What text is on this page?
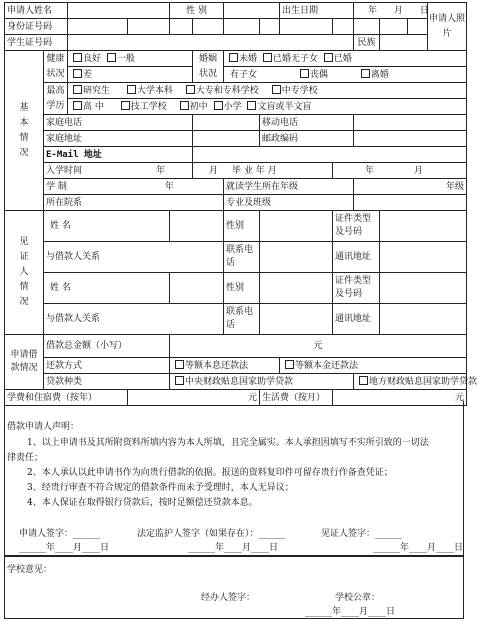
申请人姓名				性 别				出生日期		年 月 日			申请人照片
身份证号码													
学生证号码										民族			
基本情况	健康状况	良好 一般			婚姻状况	未婚 已婚无子女 已婚							
		差				有子女 丧偶 离婚							
	最高学历	研究生 大学本科 大专和专科学校 中专学校											
		高 中 技工学校 初中 小学 文盲或半文盲											
	家庭电话						移动电话						
	家庭地址						邮政编码						
	E-Mail 地址												
	入学时间 年				月 毕 业 年 月				年 月				
	学 制 年					就读学生所在年级				年级			
	所在院系					专业及班级							
见证人情况	姓 名					性别			证件类型及号码				
	与借款人关系					联系电话			通讯地址				
	姓 名					性别			证件类型及号码				
	与借款人关系					联系电话			通讯地址				
申请借款情况	借款总金额（小写）			元									
	还款方式			等额本息还款法				等额本金还款法					
	贷款种类			中央财政贴息国家助学贷款						地方财政贴息国家助学贷款			
学费和住宿费（按年）			元				生活费（按月）		元				

借款申请人声明：

1、以上申请书及其所附资料所填内容为本人所填，且完全属实。本人承担因填写不实所引致的一切法

律责任；

2、本人承认以此申请书作为向贵行借款的依据。报送的资料复印件可留存贵行作备查凭证；

3、经贵行审查不符合规定的借款条件而未予受理时，本人无异议；

4、本人保证在取得银行贷款后，按时足额偿还贷款本息。

申请人签字：______	法定监护人签字（如果存在）：______	见证人签字：______

______年____月____日	______年____月____日	______年____月____日

学校意见：
经办人签字：	学校公章：
______年____月____日
